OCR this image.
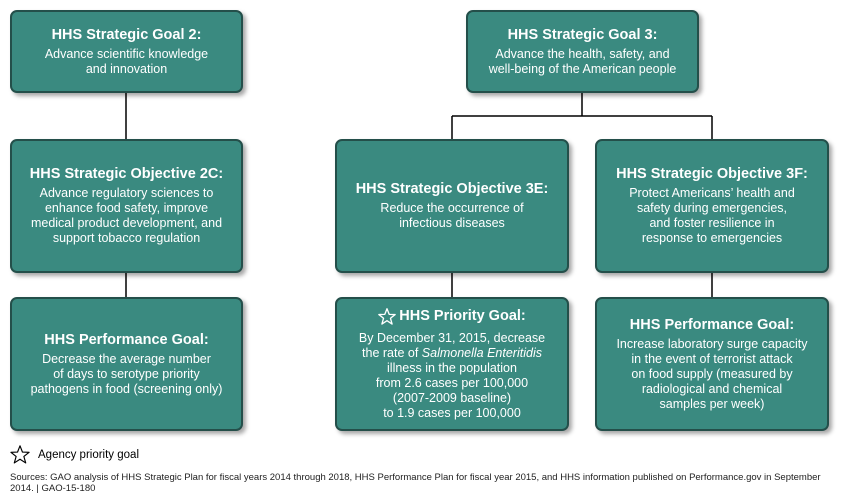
HHS Strategic Goal 2:
Advance scientific knowledge
and innovation
HHS Strategic Goal 3:
Advance the health, safety, and
well-being of the American people
HHS Strategic Objective 2C:
Advance regulatory sciences to
enhance food safety, improve
medical product development, and
support tobacco regulation
HHS Strategic Objective 3E:
Reduce the occurrence of
infectious diseases
HHS Strategic Objective 3F:
Protect Americans’ health and
safety during emergencies,
and foster resilience in
response to emergencies
HHS Performance Goal:
Decrease the average number
of days to serotype priority
pathogens in food (screening only)
HHS Priority Goal:
By December 31, 2015, decrease
the rate of Salmonella Enteritidis
illness in the population
from 2.6 cases per 100,000
(2007-2009 baseline)
to 1.9 cases per 100,000
HHS Performance Goal:
Increase laboratory surge capacity
in the event of terrorist attack
on food supply (measured by
radiological and chemical
samples per week)
Agency priority goal
Sources: GAO analysis of HHS Strategic Plan for fiscal years 2014 through 2018, HHS Performance Plan for fiscal year 2015, and HHS information published on Performance.gov in September 2014. | GAO-15-180
